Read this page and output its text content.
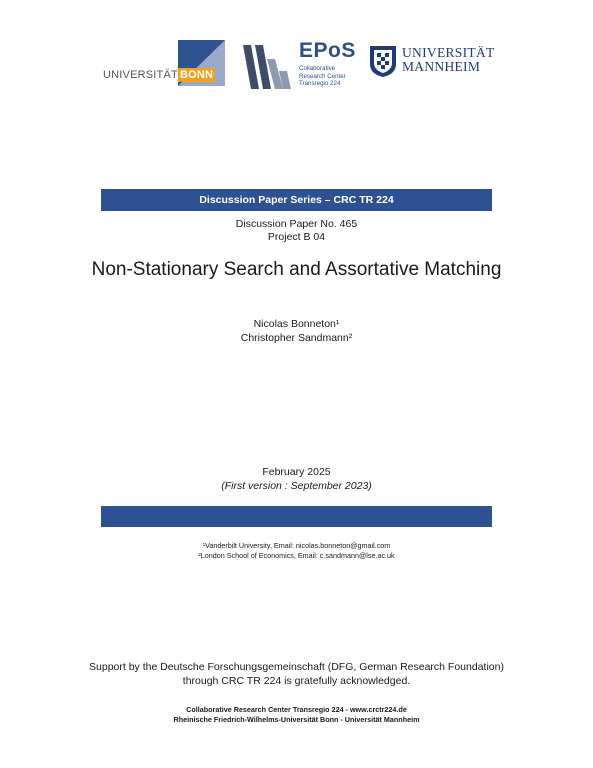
UNIVERSITÄT BONN
EPoS
Collaborative
Research Center
Transregio 224
UNIVERSITÄT
MANNHEIM
Discussion Paper Series – CRC TR 224
Discussion Paper No. 465
Project B 04
Non-Stationary Search and Assortative Matching
Nicolas Bonneton¹
Christopher Sandmann²
February 2025
(First version : September 2023)
¹Vanderbilt University, Email: nicolas.bonneton@gmail.com
²London School of Economics, Email: c.sandmann@lse.ac.uk
Support by the Deutsche Forschungsgemeinschaft (DFG, German Research Foundation)
through CRC TR 224 is gratefully acknowledged.
Collaborative Research Center Transregio 224 - www.crctr224.de
Rheinische Friedrich-Wilhelms-Universität Bonn - Universität Mannheim
